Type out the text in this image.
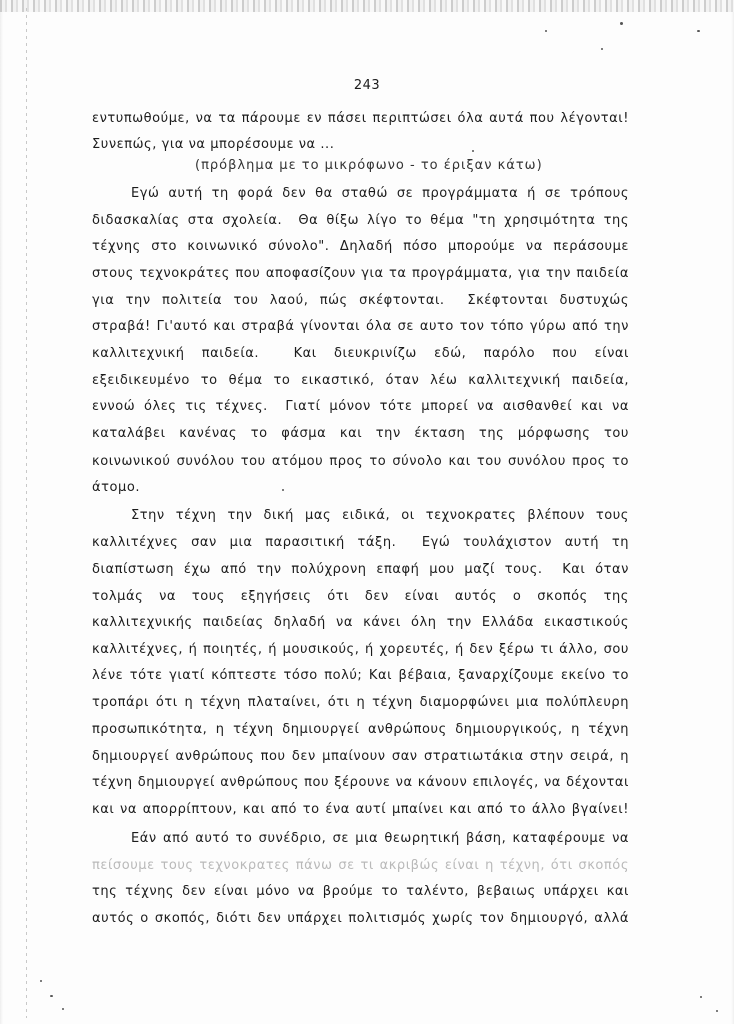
243
εντυπωθούμε, να τα πάρουμε εν πάσει περιπτώσει όλα αυτά που λέγονται!
Συνεπώς, για να μπορέσουμε να ...
(πρόβλημα με το μικρόφωνο - το έριξαν κάτω)
Εγώ αυτή τη φορά δεν θα σταθώ σε προγράμματα ή σε τρόπους
διδασκαλίας στα σχολεία.  Θα θίξω λίγο το θέμα "τη χρησιμότητα της
τέχνης στο κοινωνικό σύνολο". Δηλαδή πόσο μπορούμε να περάσουμε
στους τεχνοκράτες που αποφασίζουν για τα προγράμματα, για την παιδεία
για την πολιτεία του λαού, πώς σκέφτονται.  Σκέφτονται δυστυχώς
στραβά! Γι'αυτό και στραβά γίνονται όλα σε αυτο τον τόπο γύρω από την
καλλιτεχνική παιδεία.  Και διευκρινίζω εδώ, παρόλο που είναι
εξειδικευμένο το θέμα το εικαστικό, όταν λέω καλλιτεχνική παιδεία,
εννοώ όλες τις τέχνες.  Γιατί μόνον τότε μπορεί να αισθανθεί και να
καταλάβει κανένας το φάσμα και την έκταση της μόρφωσης του
κοινωνικού συνόλου του ατόμου προς το σύνολο και του συνόλου προς το
άτομο.
Στην τέχνη την δική μας ειδικά, οι τεχνοκρατες βλέπουν τους
καλλιτέχνες σαν μια παρασιτική τάξη.  Εγώ τουλάχιστον αυτή τη
διαπίστωση έχω από την πολύχρονη επαφή μου μαζί τους.  Και όταν
τολμάς να τους εξηγήσεις ότι δεν είναι αυτός ο σκοπός της
καλλιτεχνικής παιδείας δηλαδή να κάνει όλη την Ελλάδα εικαστικούς
καλλιτέχνες, ή ποιητές, ή μουσικούς, ή χορευτές, ή δεν ξέρω τι άλλο, σου
λένε τότε γιατί κόπτεστε τόσο πολύ; Και βέβαια, ξαναρχίζουμε εκείνο το
τροπάρι ότι η τέχνη πλαταίνει, ότι η τέχνη διαμορφώνει μια πολύπλευρη
προσωπικότητα, η τέχνη δημιουργεί ανθρώπους δημιουργικούς, η τέχνη
δημιουργεί ανθρώπους που δεν μπαίνουν σαν στρατιωτάκια στην σειρά, η
τέχνη δημιουργεί ανθρώπους που ξέρουνε να κάνουν επιλογές, να δέχονται
και να απορρίπτουν, και από το ένα αυτί μπαίνει και από το άλλο βγαίνει!
Εάν από αυτό το συνέδριο, σε μια θεωρητική βάση, καταφέρουμε να
πείσουμε τους τεχνοκρατες πάνω σε τι ακριβώς είναι η τέχνη, ότι σκοπός
της τέχνης δεν είναι μόνο να βρούμε το ταλέντο, βεβαιως υπάρχει και
αυτός ο σκοπός, διότι δεν υπάρχει πολιτισμός χωρίς τον δημιουργό, αλλά
